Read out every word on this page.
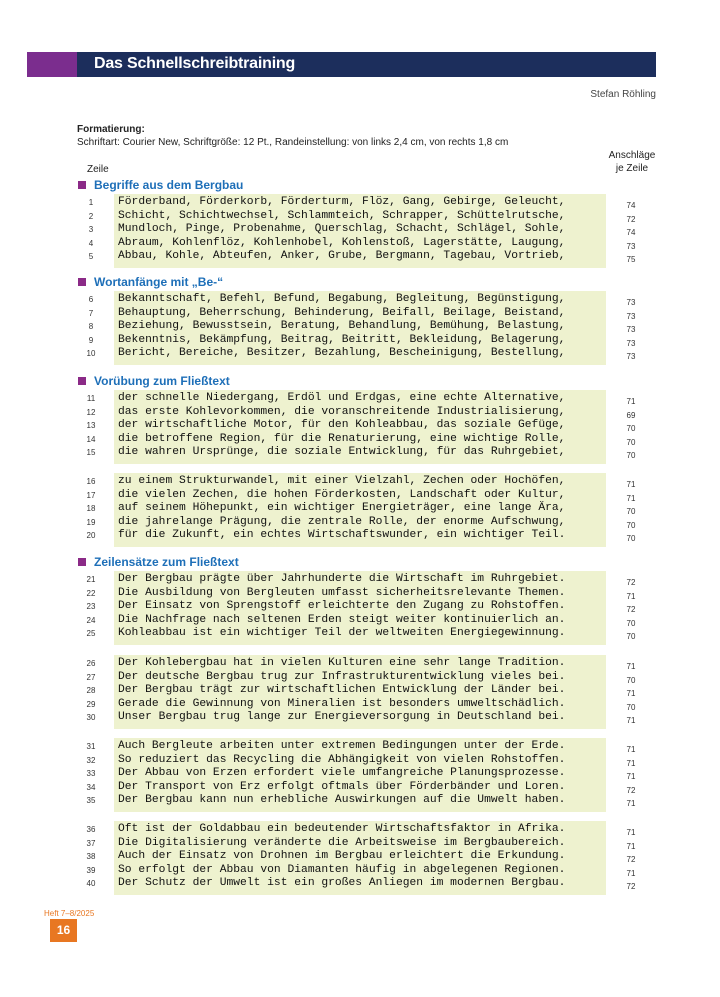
Das Schnellschreibtraining
Stefan Röhling
Formatierung:
Schriftart: Courier New, Schriftgröße: 12 Pt., Randeinstellung: von links 2,4 cm, von rechts 1,8 cm
Zeile
Anschläge
je Zeile
Begriffe aus dem Bergbau
Wortanfänge mit „Be-“
Vorübung zum Fließtext
Zeilensätze zum Fließtext
1	Förderband, Förderkorb, Förderturm, Flöz, Gang, Gebirge, Geleucht,	74
2	Schicht, Schichtwechsel, Schlammteich, Schrapper, Schüttelrutsche,	72
3	Mundloch, Pinge, Probenahme, Querschlag, Schacht, Schlägel, Sohle,	74
4	Abraum, Kohlenflöz, Kohlenhobel, Kohlenstoß, Lagerstätte, Laugung,	73
5	Abbau, Kohle, Abteufen, Anker, Grube, Bergmann, Tagebau, Vortrieb,	75
6	Bekanntschaft, Befehl, Befund, Begabung, Begleitung, Begünstigung,	73
7	Behauptung, Beherrschung, Behinderung, Beifall, Beilage, Beistand,	73
8	Beziehung, Bewusstsein, Beratung, Behandlung, Bemühung, Belastung,	73
9	Bekenntnis, Bekämpfung, Beitrag, Beitritt, Bekleidung, Belagerung,	73
10	Bericht, Bereiche, Besitzer, Bezahlung, Bescheinigung, Bestellung,	73
11	der schnelle Niedergang, Erdöl und Erdgas, eine echte Alternative,	71
12	das erste Kohlevorkommen, die voranschreitende Industrialisierung,	69
13	der wirtschaftliche Motor, für den Kohleabbau, das soziale Gefüge,	70
14	die betroffene Region, für die Renaturierung, eine wichtige Rolle,	70
15	die wahren Ursprünge, die soziale Entwicklung, für das Ruhrgebiet,	70
16	zu einem Strukturwandel, mit einer Vielzahl, Zechen oder Hochöfen,	71
17	die vielen Zechen, die hohen Förderkosten, Landschaft oder Kultur,	71
18	auf seinem Höhepunkt, ein wichtiger Energieträger, eine lange Ära,	70
19	die jahrelange Prägung, die zentrale Rolle, der enorme Aufschwung,	70
20	für die Zukunft, ein echtes Wirtschaftswunder, ein wichtiger Teil.	70
21	Der Bergbau prägte über Jahrhunderte die Wirtschaft im Ruhrgebiet.	72
22	Die Ausbildung von Bergleuten umfasst sicherheitsrelevante Themen.	71
23	Der Einsatz von Sprengstoff erleichterte den Zugang zu Rohstoffen.	72
24	Die Nachfrage nach seltenen Erden steigt weiter kontinuierlich an.	70
25	Kohleabbau ist ein wichtiger Teil der weltweiten Energiegewinnung.	70
26	Der Kohlebergbau hat in vielen Kulturen eine sehr lange Tradition.	71
27	Der deutsche Bergbau trug zur Infrastrukturentwicklung vieles bei.	70
28	Der Bergbau trägt zur wirtschaftlichen Entwicklung der Länder bei.	71
29	Gerade die Gewinnung von Mineralien ist besonders umweltschädlich.	70
30	Unser Bergbau trug lange zur Energieversorgung in Deutschland bei.	71
31	Auch Bergleute arbeiten unter extremen Bedingungen unter der Erde.	71
32	So reduziert das Recycling die Abhängigkeit von vielen Rohstoffen.	71
33	Der Abbau von Erzen erfordert viele umfangreiche Planungsprozesse.	71
34	Der Transport von Erz erfolgt oftmals über Förderbänder und Loren.	72
35	Der Bergbau kann nun erhebliche Auswirkungen auf die Umwelt haben.	71
36	Oft ist der Goldabbau ein bedeutender Wirtschaftsfaktor in Afrika.	71
37	Die Digitalisierung veränderte die Arbeitsweise im Bergbaubereich.	71
38	Auch der Einsatz von Drohnen im Bergbau erleichtert die Erkundung.	72
39	So erfolgt der Abbau von Diamanten häufig in abgelegenen Regionen.	71
40	Der Schutz der Umwelt ist ein großes Anliegen im modernen Bergbau.	72
Heft 7–8/2025
16
